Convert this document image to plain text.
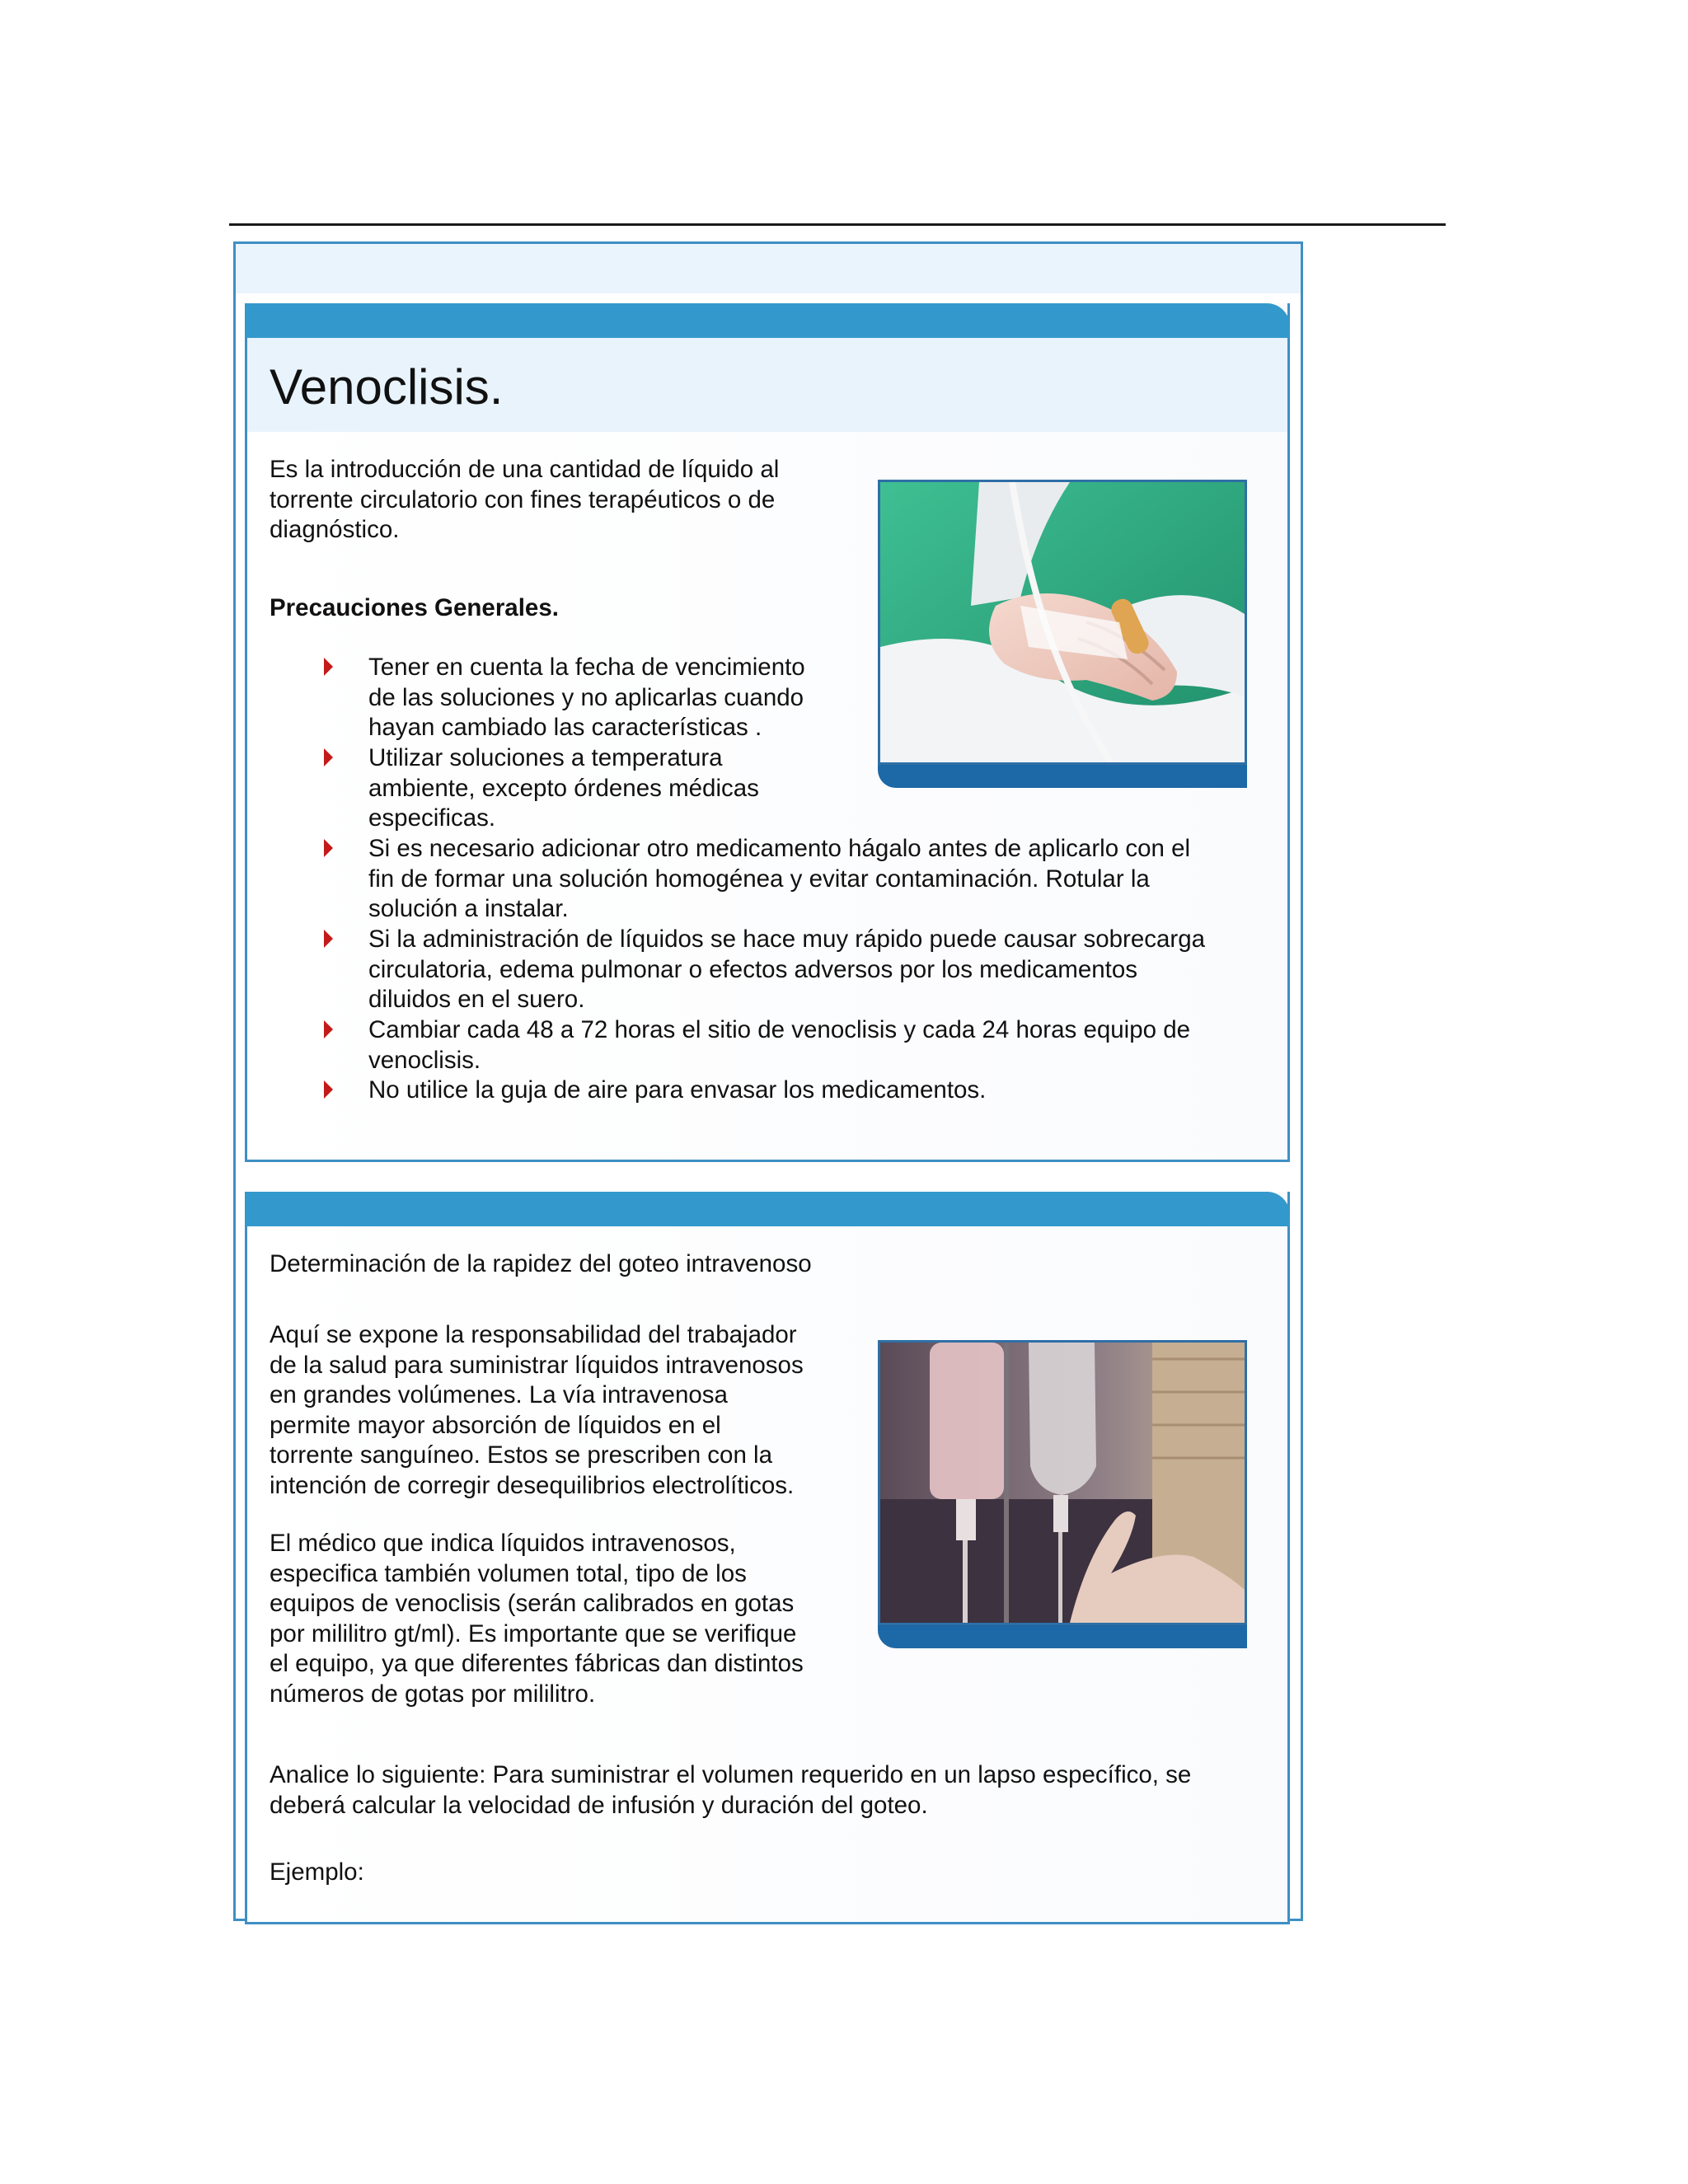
Venoclisis.

Es la introducción de una cantidad de líquido al
torrente circulatorio con fines terapéuticos o de
diagnóstico.

Precauciones Generales.

Tener en cuenta la fecha de vencimiento
de las soluciones y no aplicarlas cuando
hayan cambiado las características .
Utilizar soluciones a temperatura
ambiente, excepto órdenes médicas
especificas.
Si es necesario adicionar otro medicamento hágalo antes de aplicarlo con el
fin de formar una solución homogénea y evitar contaminación. Rotular la
solución a instalar.
Si la administración de líquidos se hace muy rápido puede causar sobrecarga
circulatoria, edema pulmonar o efectos adversos por los medicamentos
diluidos en el suero.
Cambiar cada 48 a 72 horas el sitio de venoclisis y cada 24 horas equipo de
venoclisis.
No utilice la guja de aire para envasar los medicamentos.

Determinación de la rapidez del goteo intravenoso

Aquí se expone la responsabilidad del trabajador
de la salud para suministrar líquidos intravenosos
en grandes volúmenes. La vía intravenosa
permite mayor absorción de líquidos en el
torrente sanguíneo. Estos se prescriben con la
intención de corregir desequilibrios electrolíticos.

El médico que indica líquidos intravenosos,
especifica también volumen total, tipo de los
equipos de venoclisis (serán calibrados en gotas
por mililitro gt/ml). Es importante que se verifique
el equipo, ya que diferentes fábricas dan distintos
números de gotas por mililitro.

Analice lo siguiente: Para suministrar el volumen requerido en un lapso específico, se
deberá calcular la velocidad de infusión y duración del goteo.

Ejemplo:
